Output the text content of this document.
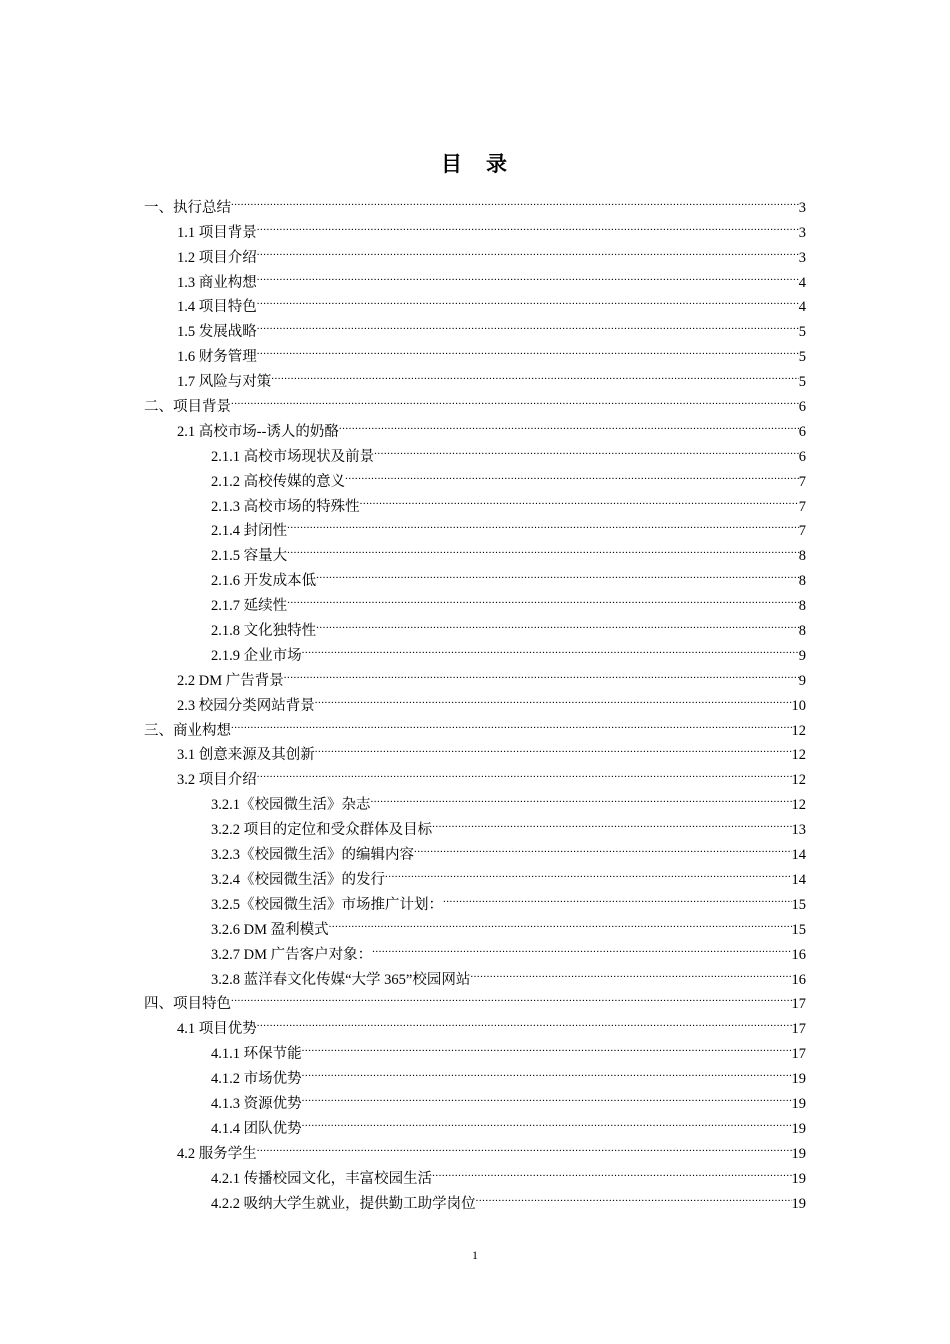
目 录
一、执行总结 .....	3
1.1 项目背景 .....	3
1.2 项目介绍 .....	3
1.3 商业构想 .....	4
1.4 项目特色 .....	4
1.5 发展战略 .....	5
1.6 财务管理 .....	5
1.7 风险与对策 .....	5
二、项目背景 .....	6
2.1 高校市场--诱人的奶酪 .....	6
2.1.1 高校市场现状及前景 .....	6
2.1.2 高校传媒的意义 .....	7
2.1.3 高校市场的特殊性 .....	7
2.1.4 封闭性 .....	7
2.1.5 容量大 .....	8
2.1.6 开发成本低 .....	8
2.1.7 延续性 .....	8
2.1.8 文化独特性 .....	8
2.1.9 企业市场 .....	9
2.2 DM 广告背景 .....	9
2.3 校园分类网站背景 .....	10
三、商业构想 .....	12
3.1 创意来源及其创新 .....	12
3.2 项目介绍 .....	12
3.2.1《校园微生活》杂志 .....	12
3.2.2 项目的定位和受众群体及目标 .....	13
3.2.3《校园微生活》的编辑内容 .....	14
3.2.4《校园微生活》的发行 .....	14
3.2.5《校园微生活》市场推广计划： .....	15
3.2.6 DM 盈利模式 .....	15
3.2.7 DM 广告客户对象： .....	16
3.2.8 蓝洋春文化传媒“大学 365”校园网站 .....	16
四、项目特色 .....	17
4.1 项目优势 .....	17
4.1.1 环保节能 .....	17
4.1.2 市场优势 .....	19
4.1.3 资源优势 .....	19
4.1.4 团队优势 .....	19
4.2 服务学生 .....	19
4.2.1 传播校园文化，丰富校园生活 .....	19
4.2.2 吸纳大学生就业，提供勤工助学岗位 .....	19
1
